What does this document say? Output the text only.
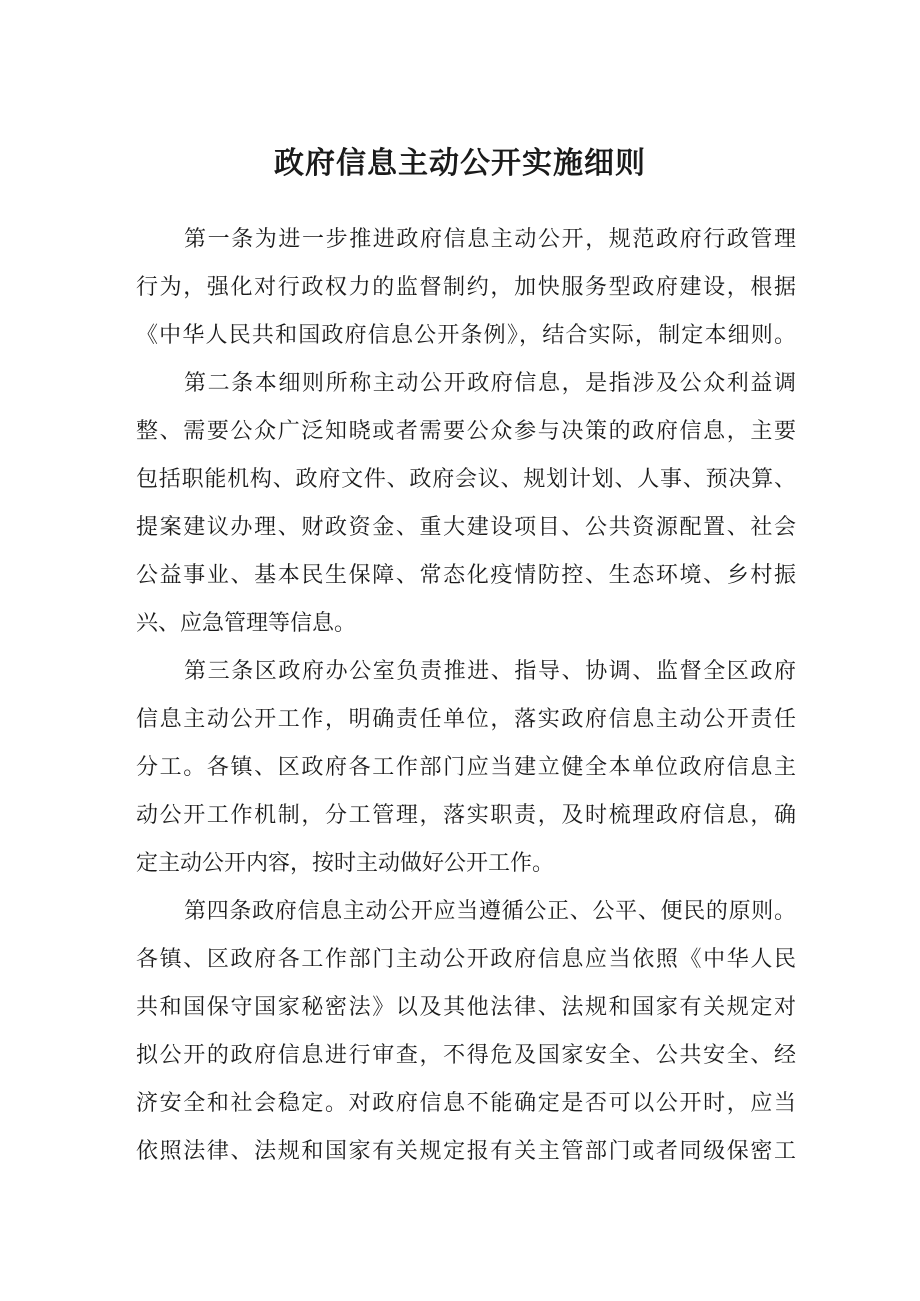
政府信息主动公开实施细则
第一条为进一步推进政府信息主动公开，规范政府行政管理
行为，强化对行政权力的监督制约，加快服务型政府建设，根据
《中华人民共和国政府信息公开条例》，结合实际，制定本细则。
第二条本细则所称主动公开政府信息，是指涉及公众利益调
整、需要公众广泛知晓或者需要公众参与决策的政府信息，主要
包括职能机构、政府文件、政府会议、规划计划、人事、预决算、
提案建议办理、财政资金、重大建设项目、公共资源配置、社会
公益事业、基本民生保障、常态化疫情防控、生态环境、乡村振
兴、应急管理等信息。
第三条区政府办公室负责推进、指导、协调、监督全区政府
信息主动公开工作，明确责任单位，落实政府信息主动公开责任
分工。各镇、区政府各工作部门应当建立健全本单位政府信息主
动公开工作机制，分工管理，落实职责，及时梳理政府信息，确
定主动公开内容，按时主动做好公开工作。
第四条政府信息主动公开应当遵循公正、公平、便民的原则。
各镇、区政府各工作部门主动公开政府信息应当依照《中华人民
共和国保守国家秘密法》以及其他法律、法规和国家有关规定对
拟公开的政府信息进行审查，不得危及国家安全、公共安全、经
济安全和社会稳定。对政府信息不能确定是否可以公开时，应当
依照法律、法规和国家有关规定报有关主管部门或者同级保密工
